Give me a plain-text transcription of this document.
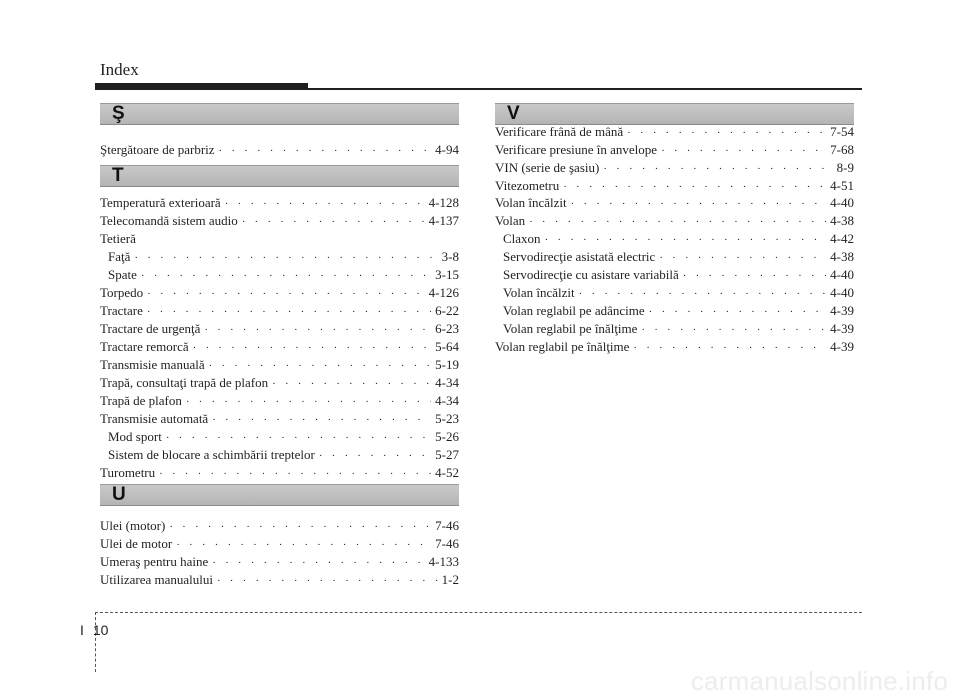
Index
Ş
Ştergătoare de parbriz · · ·	4-94
T
Temperatură exterioară · · ·	4-128
Telecomandă sistem audio · · ·	4-137
Tetieră
Faţă · · ·	3-8
Spate · · ·	3-15
Torpedo · · ·	4-126
Tractare · · ·	6-22
Tractare de urgenţă · · ·	6-23
Tractare remorcă · · ·	5-64
Transmisie manuală · · ·	5-19
Trapă, consultaţi trapă de plafon · · ·	4-34
Trapă de plafon · · ·	4-34
Transmisie automată · · ·	5-23
Mod sport · · ·	5-26
Sistem de blocare a schimbării treptelor · · ·	5-27
Turometru · · ·	4-52
U
Ulei (motor) · · ·	7-46
Ulei de motor · · ·	7-46
Umeraş pentru haine · · ·	4-133
Utilizarea manualului · · ·	1-2
V
Verificare frână de mână · · ·	7-54
Verificare presiune în anvelope · · ·	7-68
VIN (serie de şasiu) · · ·	8-9
Vitezometru · · ·	4-51
Volan încălzit · · ·	4-40
Volan · · ·	4-38
Claxon · · ·	4-42
Servodirecţie asistată electric · · ·	4-38
Servodirecţie cu asistare variabilă · · ·	4-40
Volan încălzit · · ·	4-40
Volan reglabil pe adâncime · · ·	4-39
Volan reglabil pe înălţime · · ·	4-39
Volan reglabil pe înălţime · · ·	4-39
I 10
carmanualsonline.info
